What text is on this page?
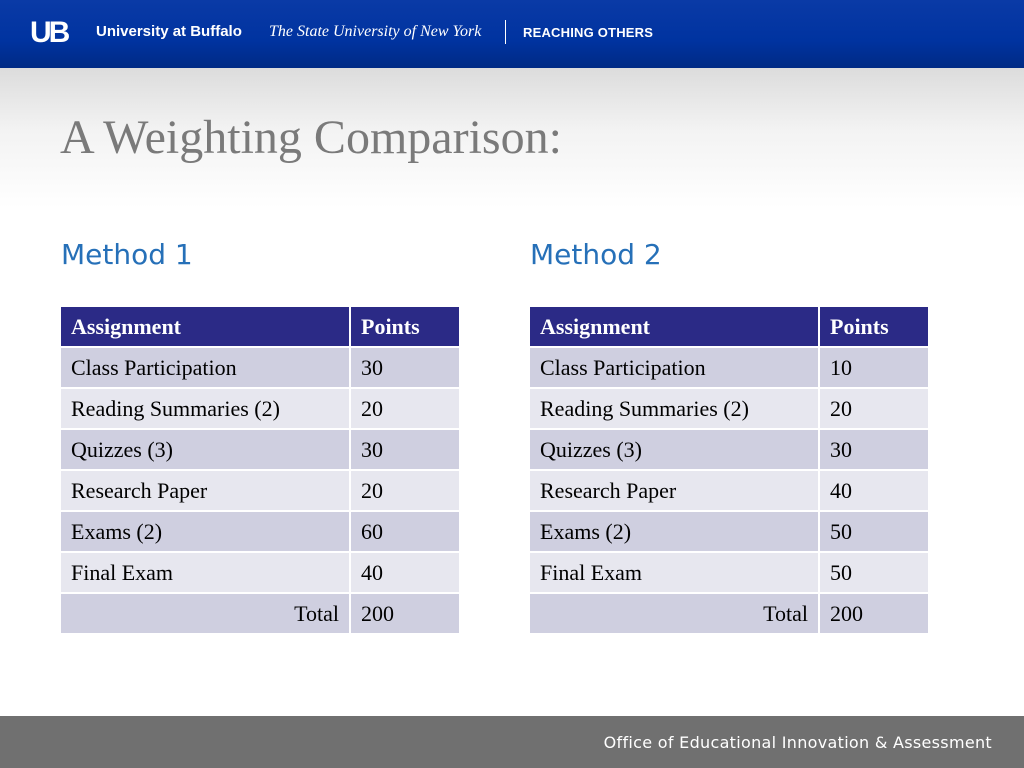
UB University at Buffalo The State University of New York	REACHING OTHERS
A Weighting Comparison:
Method 1
Assignment	Points
Class Participation	30
Reading Summaries (2)	20
Quizzes (3)	30
Research Paper	20
Exams (2)	60
Final Exam	40
Total	200
Method 2
Assignment	Points
Class Participation	10
Reading Summaries (2)	20
Quizzes (3)	30
Research Paper	40
Exams (2)	50
Final Exam	50
Total	200
Office of Educational Innovation & Assessment
